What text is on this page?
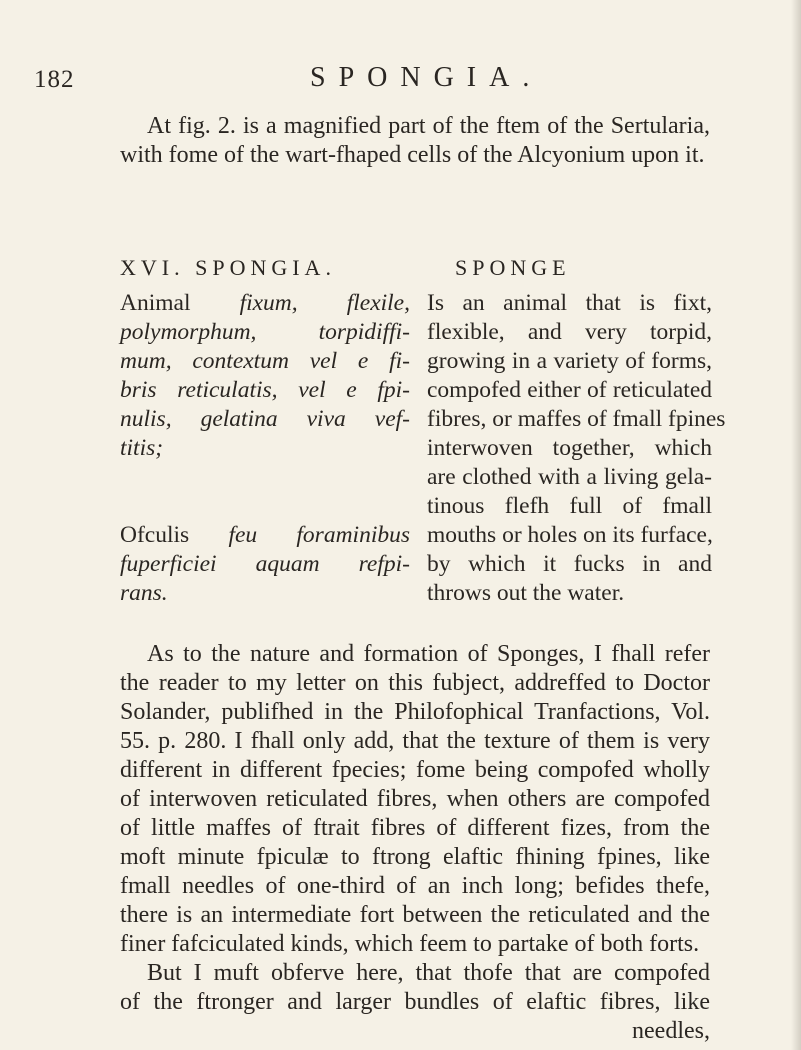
182	SPONGIA.

At fig. 2. is a magnified part of the ftem of the Sertularia, with fome of the wart-fhaped cells of the Alcyonium upon it.

XVI. SPONGIA.	SPONGE
Animal fixum, flexile,
polymorphum, torpidiffi-
mum, contextum vel e fi-
bris reticulatis, vel e fpi-
nulis, gelatina viva vef-
titis;
Ofculis feu foraminibus
fuperficiei aquam refpi-
rans.
Is an animal that is fixt,
flexible, and very torpid,
growing in a variety of forms,
compofed either of reticulated
fibres, or maffes of fmall fpines
interwoven together, which
are clothed with a living gela-
tinous flefh full of fmall
mouths or holes on its furface,
by which it fucks in and
throws out the water.

As to the nature and formation of Sponges, I fhall refer the reader to my letter on this fubject, addreffed to Doctor Solander, publifhed in the Philofophical Tranfactions, Vol. 55. p. 280. I fhall only add, that the texture of them is very different in different fpecies; fome being compofed wholly of interwoven reticulated fibres, when others are compofed of little maffes of ftrait fibres of different fizes, from the moft minute fpiculæ to ftrong elaftic fhining fpines, like fmall needles of one-third of an inch long; befides thefe, there is an intermediate fort between the reticulated and the finer fafciculated kinds, which feem to partake of both forts.

But I muft obferve here, that thofe that are compofed
of the ftronger and larger bundles of elaftic fibres, like
needles,
